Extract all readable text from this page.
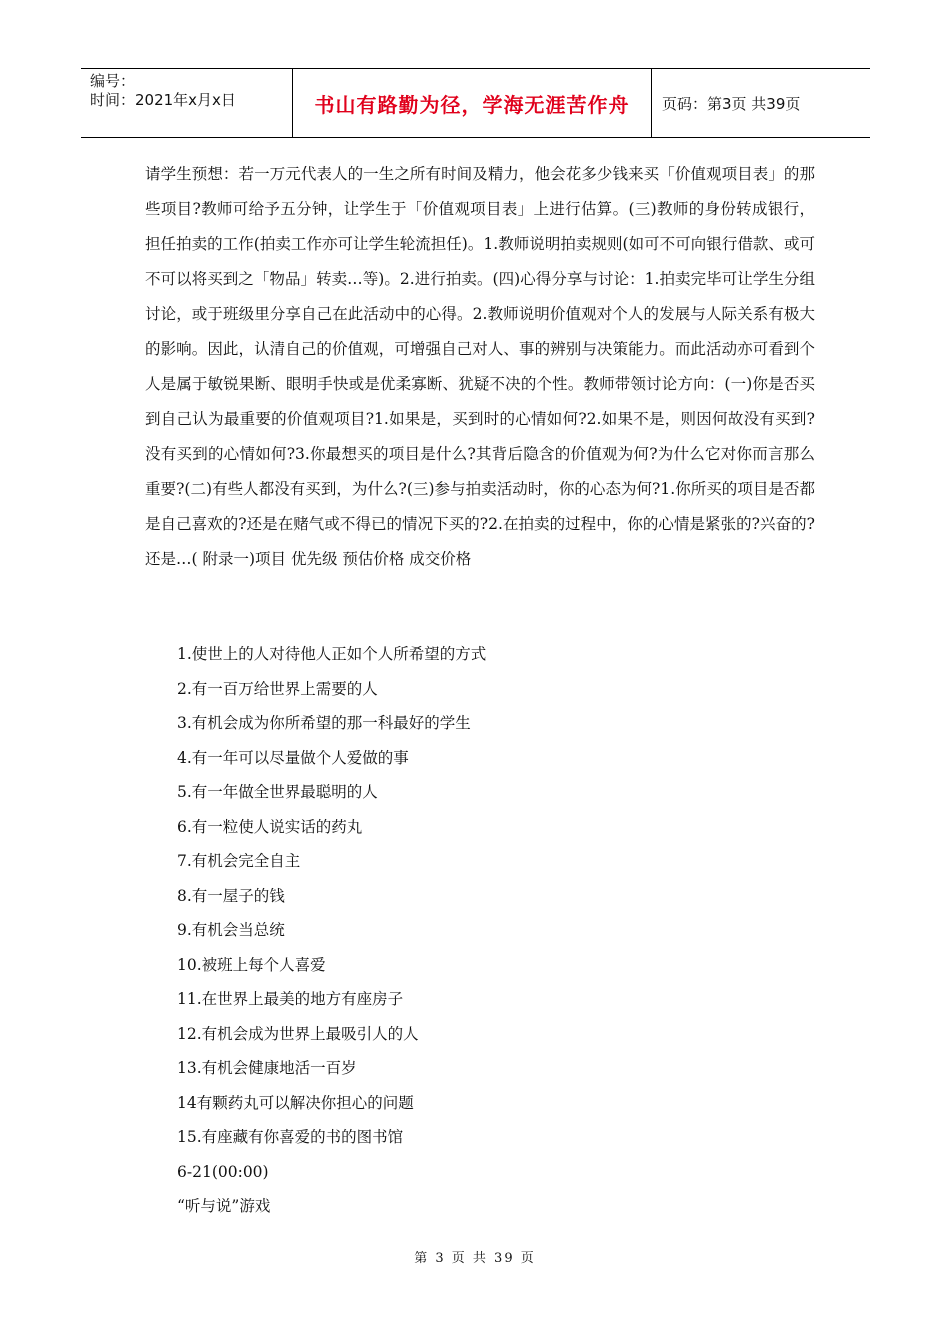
编号：
时间：2021年x月x日	书山有路勤为径，学海无涯苦作舟	页码：第3页 共39页
请学生预想：若一万元代表人的一生之所有时间及精力，他会花多少钱来买「价值观项目表」的那些项目?教师可给予五分钟，让学生于「价值观项目表」上进行估算。(三)教师的身份转成银行，担任拍卖的工作(拍卖工作亦可让学生轮流担任)。1.教师说明拍卖规则(如可不可向银行借款、或可不可以将买到之「物品」转卖…等)。2.进行拍卖。(四)心得分享与讨论：1.拍卖完毕可让学生分组讨论，或于班级里分享自己在此活动中的心得。2.教师说明价值观对个人的发展与人际关系有极大的影响。因此，认清自己的价值观，可增强自己对人、事的辨别与决策能力。而此活动亦可看到个人是属于敏锐果断、眼明手快或是优柔寡断、犹疑不决的个性。教师带领讨论方向：(一)你是否买到自己认为最重要的价值观项目?1.如果是，买到时的心情如何?2.如果不是，则因何故没有买到?没有买到的心情如何?3.你最想买的项目是什么?其背后隐含的价值观为何?为什么它对你而言那么重要?(二)有些人都没有买到，为什么?(三)参与拍卖活动时，你的心态为何?1.你所买的项目是否都是自己喜欢的?还是在赌气或不得已的情况下买的?2.在拍卖的过程中，你的心情是紧张的?兴奋的?还是…( 附录一)项目 优先级 预估价格 成交价格
1.使世上的人对待他人正如个人所希望的方式
2.有一百万给世界上需要的人
3.有机会成为你所希望的那一科最好的学生
4.有一年可以尽量做个人爱做的事
5.有一年做全世界最聪明的人
6.有一粒使人说实话的药丸
7.有机会完全自主
8.有一屋子的钱
9.有机会当总统
10.被班上每个人喜爱
11.在世界上最美的地方有座房子
12.有机会成为世界上最吸引人的人
13.有机会健康地活一百岁
14有颗药丸可以解决你担心的问题
15.有座藏有你喜爱的书的图书馆
6-21(00:00)
“听与说”游戏
第 3 页 共 39 页
